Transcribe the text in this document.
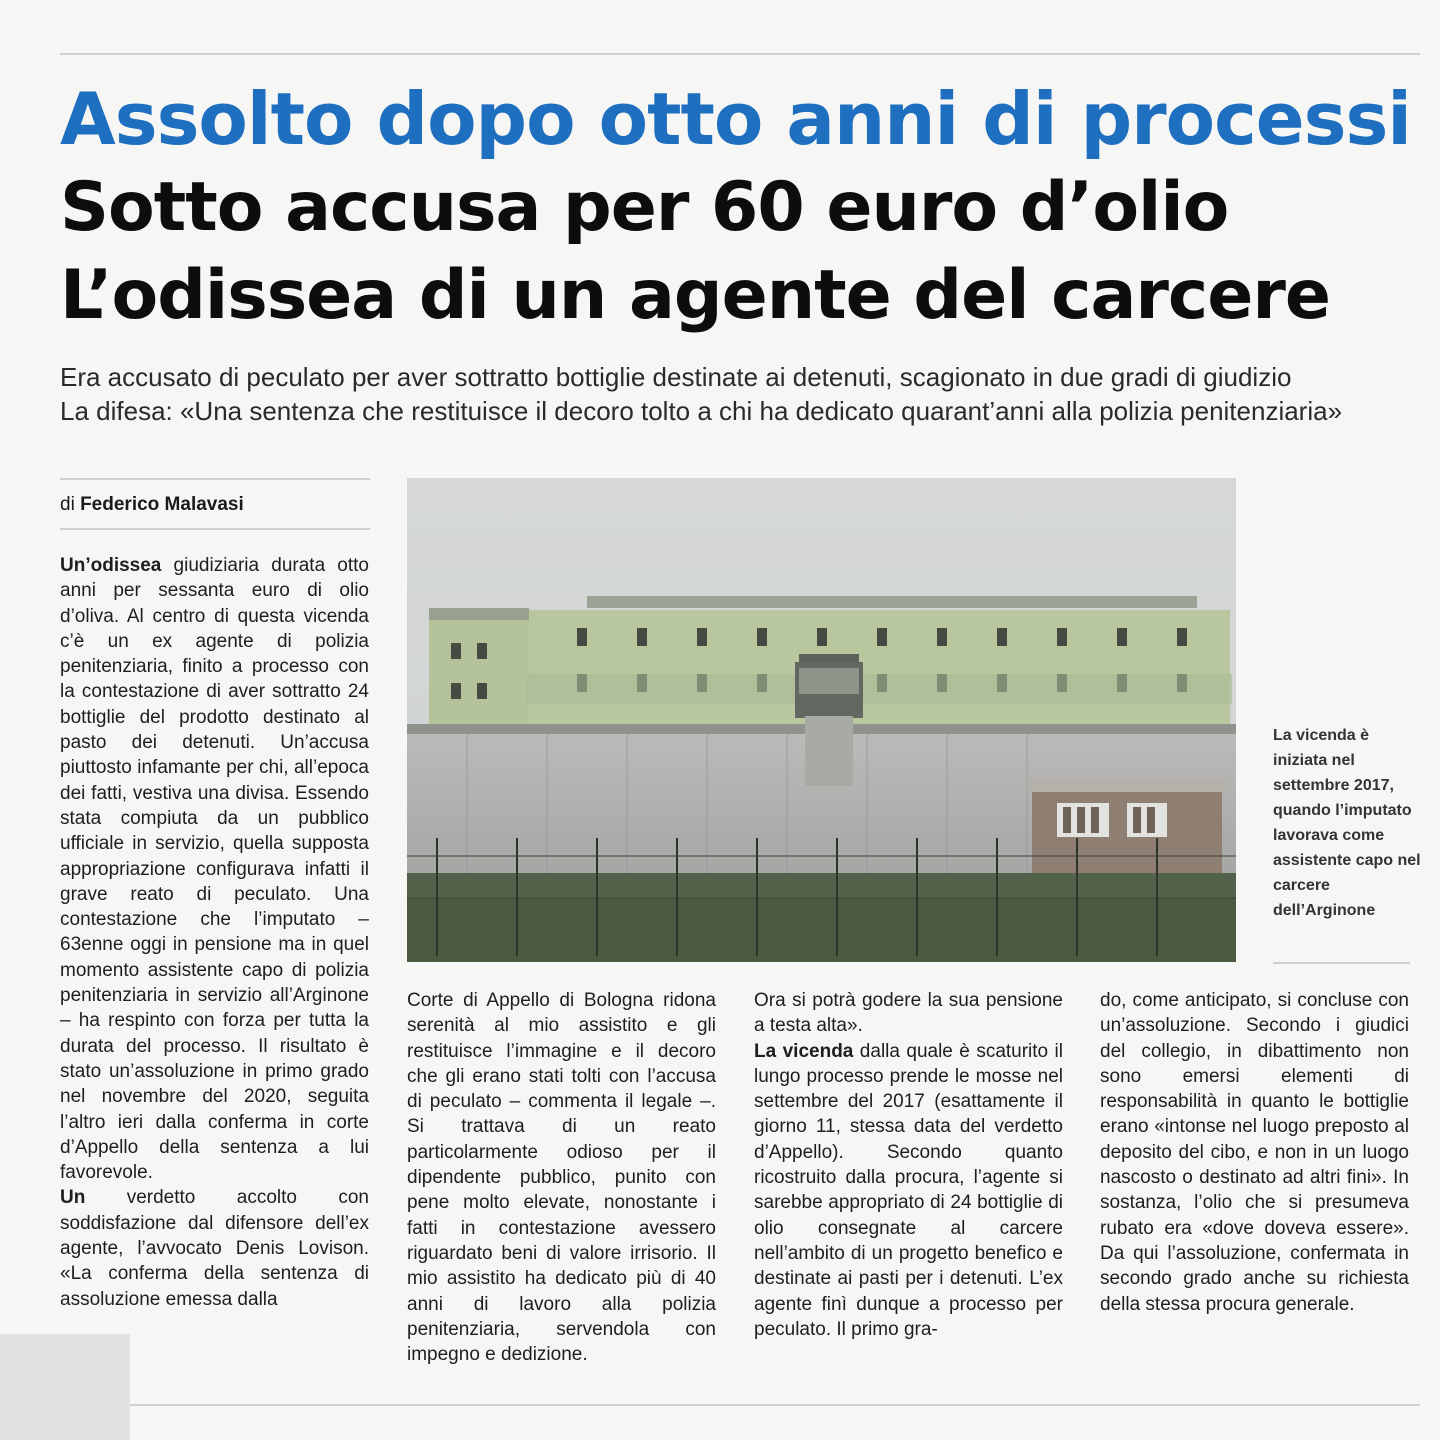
Assolto dopo otto anni di processi
Sotto accusa per 60 euro d’olio
L’odissea di un agente del carcere
Era accusato di peculato per aver sottratto bottiglie destinate ai detenuti, scagionato in due gradi di giudizio
La difesa: «Una sentenza che restituisce il decoro tolto a chi ha dedicato quarant’anni alla polizia penitenziaria»
di Federico Malavasi

Un’odissea giudiziaria durata otto anni per sessanta euro di olio d’oliva. Al centro di questa vicenda c’è un ex agente di polizia penitenziaria, finito a processo con la contestazione di aver sottratto 24 bottiglie del prodotto destinato al pasto dei detenuti. Un’accusa piuttosto infamante per chi, all’epoca dei fatti, vestiva una divisa. Essendo stata compiuta da un pubblico ufficiale in servizio, quella supposta appropriazione configurava infatti il grave reato di peculato. Una contestazione che l’imputato – 63enne oggi in pensione ma in quel momento assistente capo di polizia penitenziaria in servizio all’Arginone – ha respinto con forza per tutta la durata del processo. Il risultato è stato un’assoluzione in primo grado nel novembre del 2020, seguita l’altro ieri dalla conferma in corte d’Appello della sentenza a lui favorevole.

Un verdetto accolto con soddisfazione dal difensore dell’ex agente, l’avvocato Denis Lovison. «La conferma della sentenza di assoluzione emessa dalla

La vicenda è iniziata nel settembre 2017, quando l’imputato lavorava come assistente capo nel carcere dell’Arginone

Corte di Appello di Bologna ridona serenità al mio assistito e gli restituisce l’immagine e il decoro che gli erano stati tolti con l’accusa di peculato – commenta il legale –. Si trattava di un reato particolarmente odioso per il dipendente pubblico, punito con pene molto elevate, nonostante i fatti in contestazione avessero riguardato beni di valore irrisorio. Il mio assistito ha dedicato più di 40 anni di lavoro alla polizia penitenziaria, servendola con impegno e dedizione.

Ora si potrà godere la sua pensione a testa alta».

La vicenda dalla quale è scaturito il lungo processo prende le mosse nel settembre del 2017 (esattamente il giorno 11, stessa data del verdetto d’Appello). Secondo quanto ricostruito dalla procura, l’agente si sarebbe appropriato di 24 bottiglie di olio consegnate al carcere nell’ambito di un progetto benefico e destinate ai pasti per i detenuti. L’ex agente finì dunque a processo per peculato. Il primo gra-

do, come anticipato, si concluse con un’assoluzione. Secondo i giudici del collegio, in dibattimento non sono emersi elementi di responsabilità in quanto le bottiglie erano «intonse nel luogo preposto al deposito del cibo, e non in un luogo nascosto o destinato ad altri fini». In sostanza, l’olio che si presumeva rubato era «dove doveva essere». Da qui l’assoluzione, confermata in secondo grado anche su richiesta della stessa procura generale.
